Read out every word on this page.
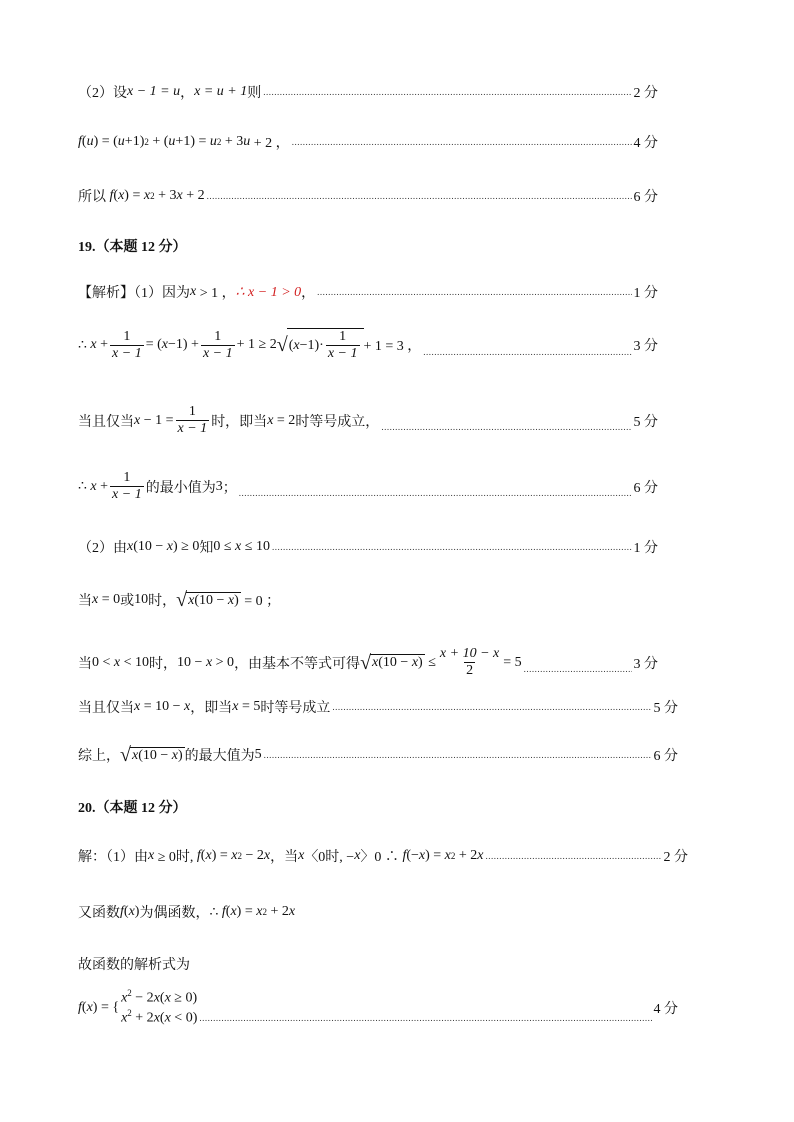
（2）设 x − 1 = u ， x = u + 1 则 .....	2 分
f ( u ) = ( u +1) 2 + ( u +1) =
u 2 + 3 u + 2 ， .....	4 分
所以
f ( x ) = x 2 + 3 x + 2 .....	6 分
19.（本题 12 分）
【解析】（1）因为 x > 1 ， ∴ x − 1 > 0 ， .....	1 分
∴ $x + \frac{1}{x - 1}$ = ( $x -1) + \frac{1}{x - 1} + 1 \ge 2$ √ ( $x -1)\cdot \frac{1}{x - 1} + 1 = 3$ ， .....	3 分
当且仅当 $x - 1 = \frac{1}{x - 1}$ 时，即当 x = 2 时等号成立， .....	5 分
∴ $x + \frac{1}{x - 1}$ 的最小值为 3 ； .....	6 分
（2）由 x (10 − x ) ≥ 0 知 0 ≤ x ≤ 10 .....	1 分
当 x = 0 或 10 时， √ x (10 − x ) = 0 ；
当 0 < x < 10 时， 10 − x > 0 ，由基本不等式可得 √ x (10 − x ) ≤ $\frac{x + 10 - x}{2} = 5$ .....	3 分
当且仅当 x = 10 − x ，即当 x = 5 时等号成立 .....	5 分
综上， √ x (10 − x ) 的最大值为 5 .....	6 分
20.（本题 12 分）
解：（1）由 x ≥ 0时, f ( x ) = x 2 − 2 x ，当 x 〈0时, − x 〉0 ∴ f (− x ) = x 2 + 2 x .....	2 分
又函数 f ( x ) 为偶函数， ∴ f ( x ) = x 2 + 2 x
故函数的解析式为
f ( x ) = {
$x^2 - 2x(x \ge 0)$
$x^2 + 2x(x < 0)$
.....
4 分
